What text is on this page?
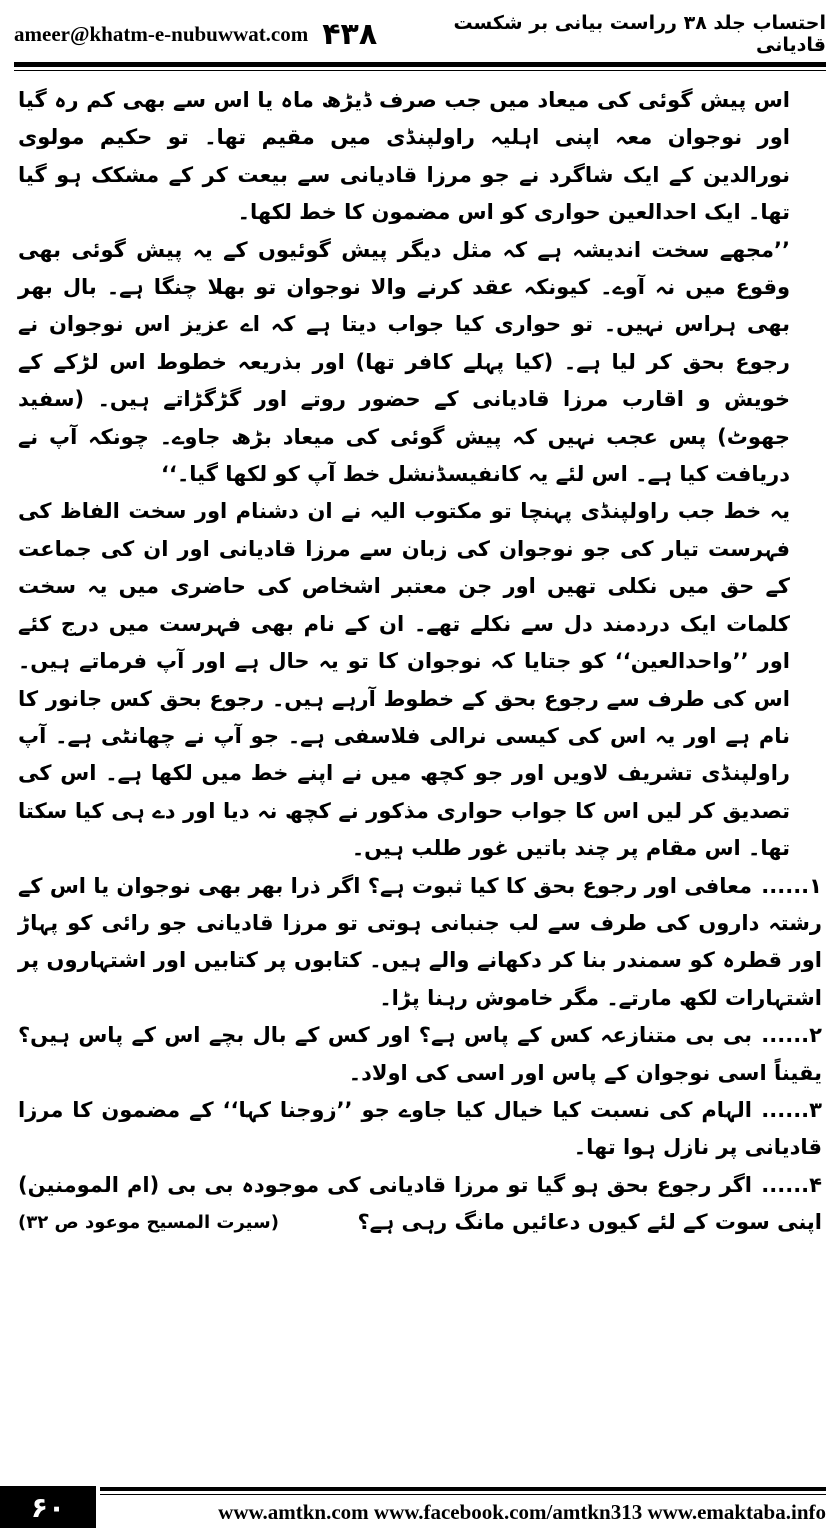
ameer@khatm-e-nubuwwat.com ۴۳۸	احتساب جلد ۳۸ رراست بیانی بر شکست قادیانی

اس پیش گوئی کی میعاد میں جب صرف ڈیڑھ ماہ یا اس سے بھی کم رہ گیا اور نوجوان معہ اپنی اہلیہ راولپنڈی میں مقیم تھا۔ تو حکیم مولوی نورالدین کے ایک شاگرد نے جو مرزا قادیانی سے بیعت کر کے مشکک ہو گیا تھا۔ ایک احدالعین حواری کو اس مضمون کا خط لکھا۔

’’مجھے سخت اندیشہ ہے کہ مثل دیگر پیش گوئیوں کے یہ پیش گوئی بھی وقوع میں نہ آوے۔ کیونکہ عقد کرنے والا نوجوان تو بھلا چنگا ہے۔ بال بھر بھی ہراس نہیں۔ تو حواری کیا جواب دیتا ہے کہ اے عزیز اس نوجوان نے رجوع بحق کر لیا ہے۔ (کیا پہلے کافر تھا) اور بذریعہ خطوط اس لڑکے کے خویش و اقارب مرزا قادیانی کے حضور روتے اور گڑگڑاتے ہیں۔ (سفید جھوٹ) پس عجب نہیں کہ پیش گوئی کی میعاد بڑھ جاوے۔ چونکہ آپ نے دریافت کیا ہے۔ اس لئے یہ کانفیسڈنشل خط آپ کو لکھا گیا۔‘‘

یہ خط جب راولپنڈی پہنچا تو مکتوب الیہ نے ان دشنام اور سخت الفاظ کی فہرست تیار کی جو نوجوان کی زبان سے مرزا قادیانی اور ان کی جماعت کے حق میں نکلی تھیں اور جن معتبر اشخاص کی حاضری میں یہ سخت کلمات ایک دردمند دل سے نکلے تھے۔ ان کے نام بھی فہرست میں درج کئے اور ’’واحدالعین‘‘ کو جتایا کہ نوجوان کا تو یہ حال ہے اور آپ فرماتے ہیں۔ اس کی طرف سے رجوع بحق کے خطوط آرہے ہیں۔ رجوع بحق کس جانور کا نام ہے اور یہ اس کی کیسی نرالی فلاسفی ہے۔ جو آپ نے چھانٹی ہے۔ آپ راولپنڈی تشریف لاویں اور جو کچھ میں نے اپنے خط میں لکھا ہے۔ اس کی تصدیق کر لیں اس کا جواب حواری مذکور نے کچھ نہ دیا اور دے ہی کیا سکتا تھا۔ اس مقام پر چند باتیں غور طلب ہیں۔

۱......معافی اور رجوع بحق کا کیا ثبوت ہے؟ اگر ذرا بھر بھی نوجوان یا اس کے رشتہ داروں کی طرف سے لب جنبانی ہوتی تو مرزا قادیانی جو رائی کو پہاڑ اور قطرہ کو سمندر بنا کر دکھانے والے ہیں۔ کتابوں پر کتابیں اور اشتہاروں پر اشتہارات لکھ مارتے۔ مگر خاموش رہنا پڑا۔

۲......بی بی متنازعہ کس کے پاس ہے؟ اور کس کے بال بچے اس کے پاس ہیں؟ یقیناً اسی نوجوان کے پاس اور اسی کی اولاد۔

۳......الہام کی نسبت کیا خیال کیا جاوے جو ’’زوجنا کہا‘‘ کے مضمون کا مرزا قادیانی پر نازل ہوا تھا۔

۴......اگر رجوع بحق ہو گیا تو مرزا قادیانی کی موجودہ بی بی (ام المومنین) اپنی سوت کے لئے کیوں دعائیں مانگ رہی ہے؟
(سیرت المسیح موعود ص ۳۲)

۶۰	www.amtkn.com www.facebook.com/amtkn313 www.emaktaba.info
